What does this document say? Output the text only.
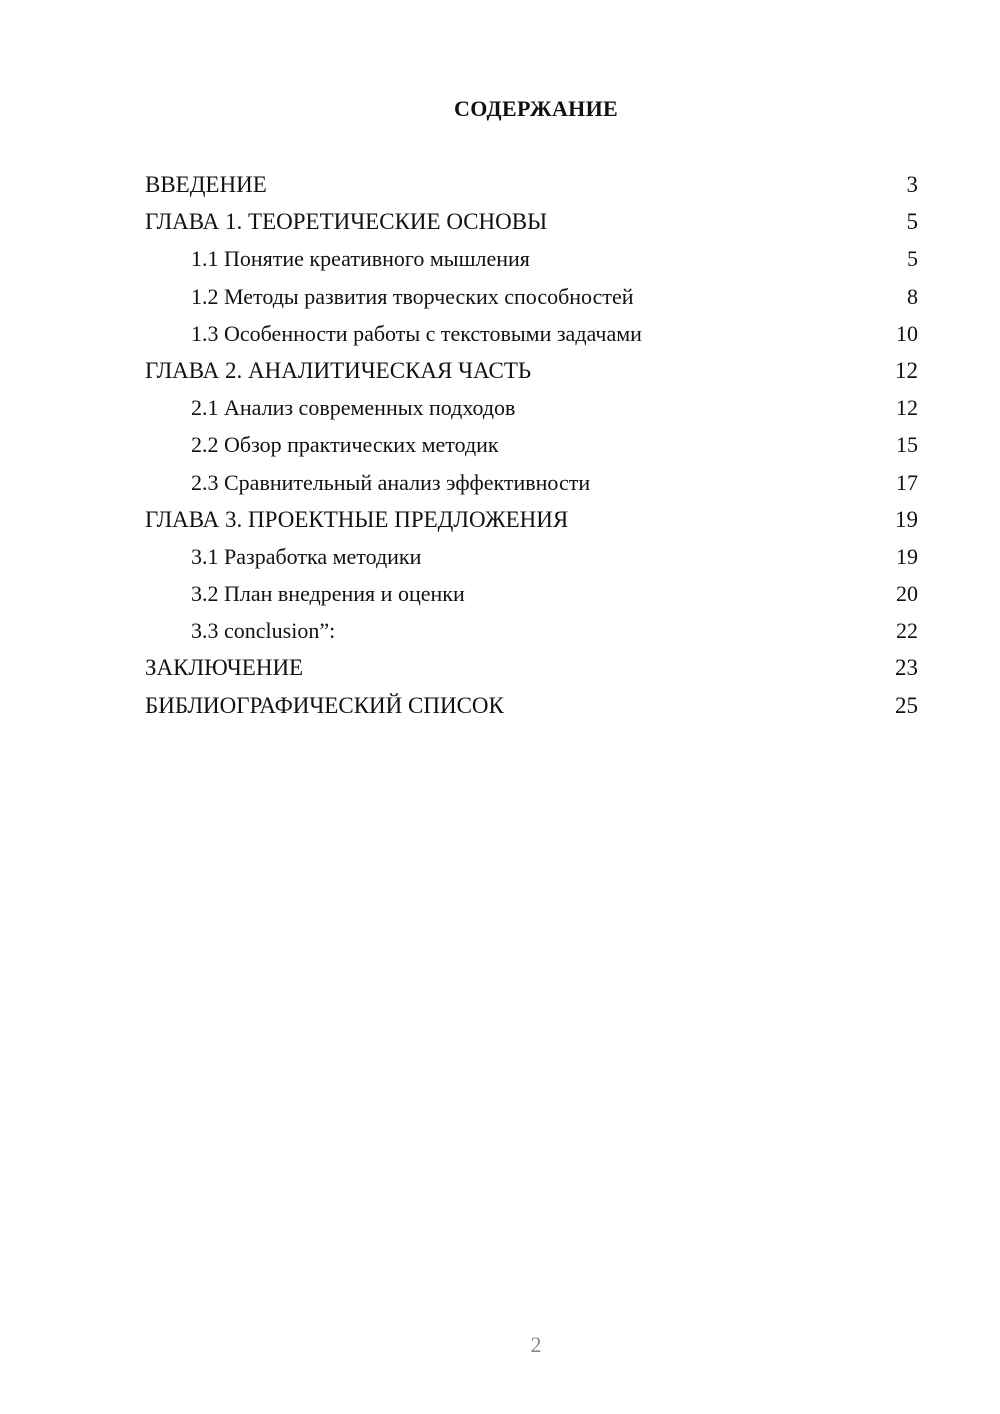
СОДЕРЖАНИЕ
ВВЕДЕНИЕ	3
ГЛАВА 1. ТЕОРЕТИЧЕСКИЕ ОСНОВЫ	5
1.1 Понятие креативного мышления	5
1.2 Методы развития творческих способностей	8
1.3 Особенности работы с текстовыми задачами	10
ГЛАВА 2. АНАЛИТИЧЕСКАЯ ЧАСТЬ	12
2.1 Анализ современных подходов	12
2.2 Обзор практических методик	15
2.3 Сравнительный анализ эффективности	17
ГЛАВА 3. ПРОЕКТНЫЕ ПРЕДЛОЖЕНИЯ	19
3.1 Разработка методики	19
3.2 План внедрения и оценки	20
3.3 conclusion”:	22
ЗАКЛЮЧЕНИЕ	23
БИБЛИОГРАФИЧЕСКИЙ СПИСОК	25
2
